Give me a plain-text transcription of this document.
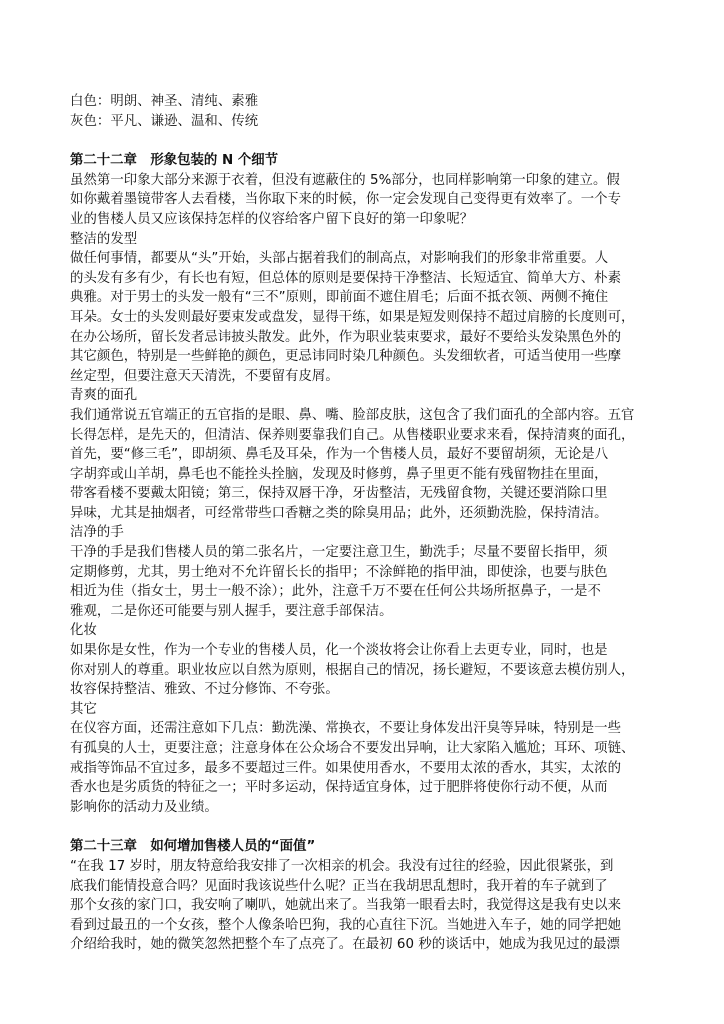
白色：明朗、神圣、清纯、素雅
灰色：平凡、谦逊、温和、传统
第二十二章　形象包装的 N 个细节
虽然第一印象大部分来源于衣着，但没有遮蔽住的 5%部分，也同样影响第一印象的建立。假
如你戴着墨镜带客人去看楼，当你取下来的时候，你一定会发现自己变得更有效率了。一个专
业的售楼人员又应该保持怎样的仪容给客户留下良好的第一印象呢？
整洁的发型
做任何事情，都要从“头”开始，头部占据着我们的制高点，对影响我们的形象非常重要。人
的头发有多有少，有长也有短，但总体的原则是要保持干净整洁、长短适宜、简单大方、朴素
典雅。对于男士的头发一般有“三不”原则，即前面不遮住眉毛；后面不抵衣领、两侧不掩住
耳朵。女士的头发则最好要束发或盘发，显得干练，如果是短发则保持不超过肩膀的长度则可，
在办公场所，留长发者忌讳披头散发。此外，作为职业装束要求，最好不要给头发染黑色外的
其它颜色，特别是一些鲜艳的颜色，更忌讳同时染几种颜色。头发细软者，可适当使用一些摩
丝定型，但要注意天天清洗，不要留有皮屑。
青爽的面孔
我们通常说五官端正的五官指的是眼、鼻、嘴、脸部皮肤，这包含了我们面孔的全部内容。五官
长得怎样，是先天的，但清洁、保养则要靠我们自己。从售楼职业要求来看，保持清爽的面孔，
首先，要“修三毛”，即胡须、鼻毛及耳朵，作为一个售楼人员，最好不要留胡须，无论是八
字胡弈或山羊胡，鼻毛也不能拴头拴脑，发现及时修剪，鼻子里更不能有残留物挂在里面，
带客看楼不要戴太阳镜；第三，保持双唇干净，牙齿整洁，无残留食物，关键还要消除口里
异味，尤其是抽烟者，可经常带些口香糖之类的除臭用品；此外，还须勤洗脸，保持清洁。
洁净的手
干净的手是我们售楼人员的第二张名片，一定要注意卫生，勤洗手；尽量不要留长指甲，须
定期修剪，尤其，男士绝对不允许留长长的指甲；不涂鲜艳的指甲油，即使涂，也要与肤色
相近为佳（指女士，男士一般不涂）；此外，注意千万不要在任何公共场所抠鼻子，一是不
雅观，二是你还可能要与别人握手，要注意手部保洁。
化妆
如果你是女性，作为一个专业的售楼人员，化一个淡妆将会让你看上去更专业，同时，也是
你对别人的尊重。职业妆应以自然为原则，根据自己的情况，扬长避短，不要该意去模仿别人，
妆容保持整洁、雅致、不过分修饰、不夸张。
其它
在仪容方面，还需注意如下几点：勤洗澡、常换衣，不要让身体发出汗臭等异味，特别是一些
有孤臭的人士，更要注意；注意身体在公众场合不要发出异响，让大家陷入尴尬；耳环、项链、
戒指等饰品不宜过多，最多不要超过三件。如果使用香水，不要用太浓的香水，其实，太浓的
香水也是劣质货的特征之一；平时多运动，保持适宜身体，过于肥胖将使你行动不便，从而
影响你的活动力及业绩。
第二十三章　如何增加售楼人员的“面值”
“在我 17 岁时，朋友特意给我安排了一次相亲的机会。我没有过往的经验，因此很紧张，到
底我们能情投意合吗？见面时我该说些什么呢？正当在我胡思乱想时，我开着的车子就到了
那个女孩的家门口，我安响了喇叭，她就出来了。当我第一眼看去时，我觉得这是我有史以来
看到过最丑的一个女孩，整个人像条哈巴狗，我的心直往下沉。当她进入车子，她的同学把她
介绍给我时，她的微笑忽然把整个车了点亮了。在最初 60 秒的谈话中，她成为我见过的最漂
